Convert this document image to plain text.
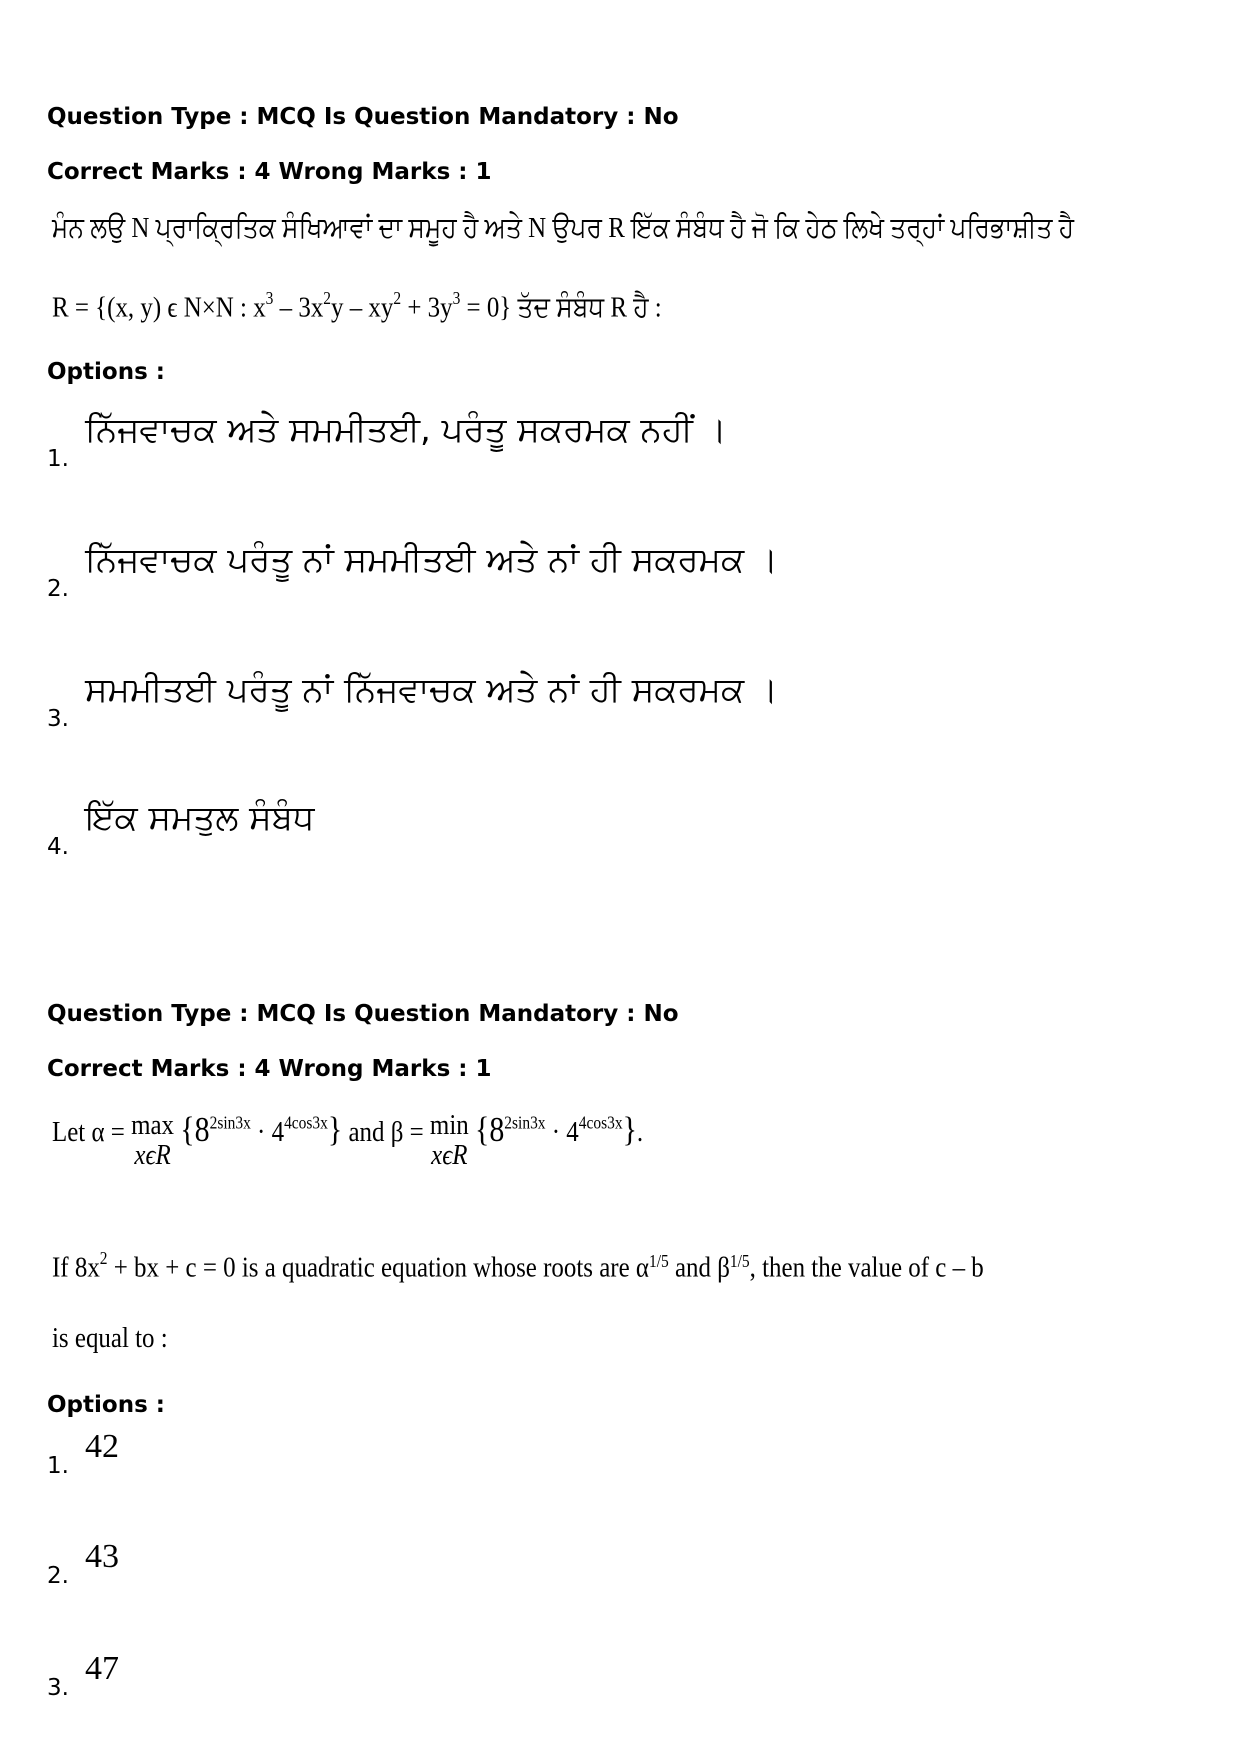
Question Type : MCQ Is Question Mandatory : No
Correct Marks : 4 Wrong Marks : 1
ਮੰਨ ਲਉ N ਪ੍ਰਾਕ੍ਰਿਤਿਕ ਸੰਖਿਆਵਾਂ ਦਾ ਸਮੂਹ ਹੈ ਅਤੇ N ਉਪਰ R ਇੱਕ ਸੰਬੰਧ ਹੈ ਜੋ ਕਿ ਹੇਠ ਲਿਖੇ ਤਰ੍ਹਾਂ ਪਰਿਭਾਸ਼ੀਤ ਹੈ
R = {(x, y) ϵ N×N : $x^3 - 3x^2y - xy^2 + 3y^3 = 0$} ਤੱਦ ਸੰਬੰਧ R ਹੈ :
Options :
1.
ਨਿੱਜਵਾਚਕ ਅਤੇ ਸਮਮੀਤਈ, ਪਰੰਤੂ ਸਕਰਮਕ ਨਹੀਂ ।
2.
ਨਿੱਜਵਾਚਕ ਪਰੰਤੂ ਨਾਂ ਸਮਮੀਤਈ ਅਤੇ ਨਾਂ ਹੀ ਸਕਰਮਕ ।
3.
ਸਮਮੀਤਈ ਪਰੰਤੂ ਨਾਂ ਨਿੱਜਵਾਚਕ ਅਤੇ ਨਾਂ ਹੀ ਸਕਰਮਕ ।
4.
ਇੱਕ ਸਮਤੁਲ ਸੰਬੰਧ
Question Type : MCQ Is Question Mandatory : No
Correct Marks : 4 Wrong Marks : 1
Let α = max
xϵR
$\{8^{2sin3x} \cdot 4^{4cos3x}\}$ and β = min
xϵR
$\{8^{2sin3x} \cdot 4^{4cos3x}\}$.
If $8x^2$ + bx + c = 0 is a quadratic equation whose roots are α1/5 and β1/5, then the value of c – b
is equal to :
Options :
1.
42
2.
43
3.
47
